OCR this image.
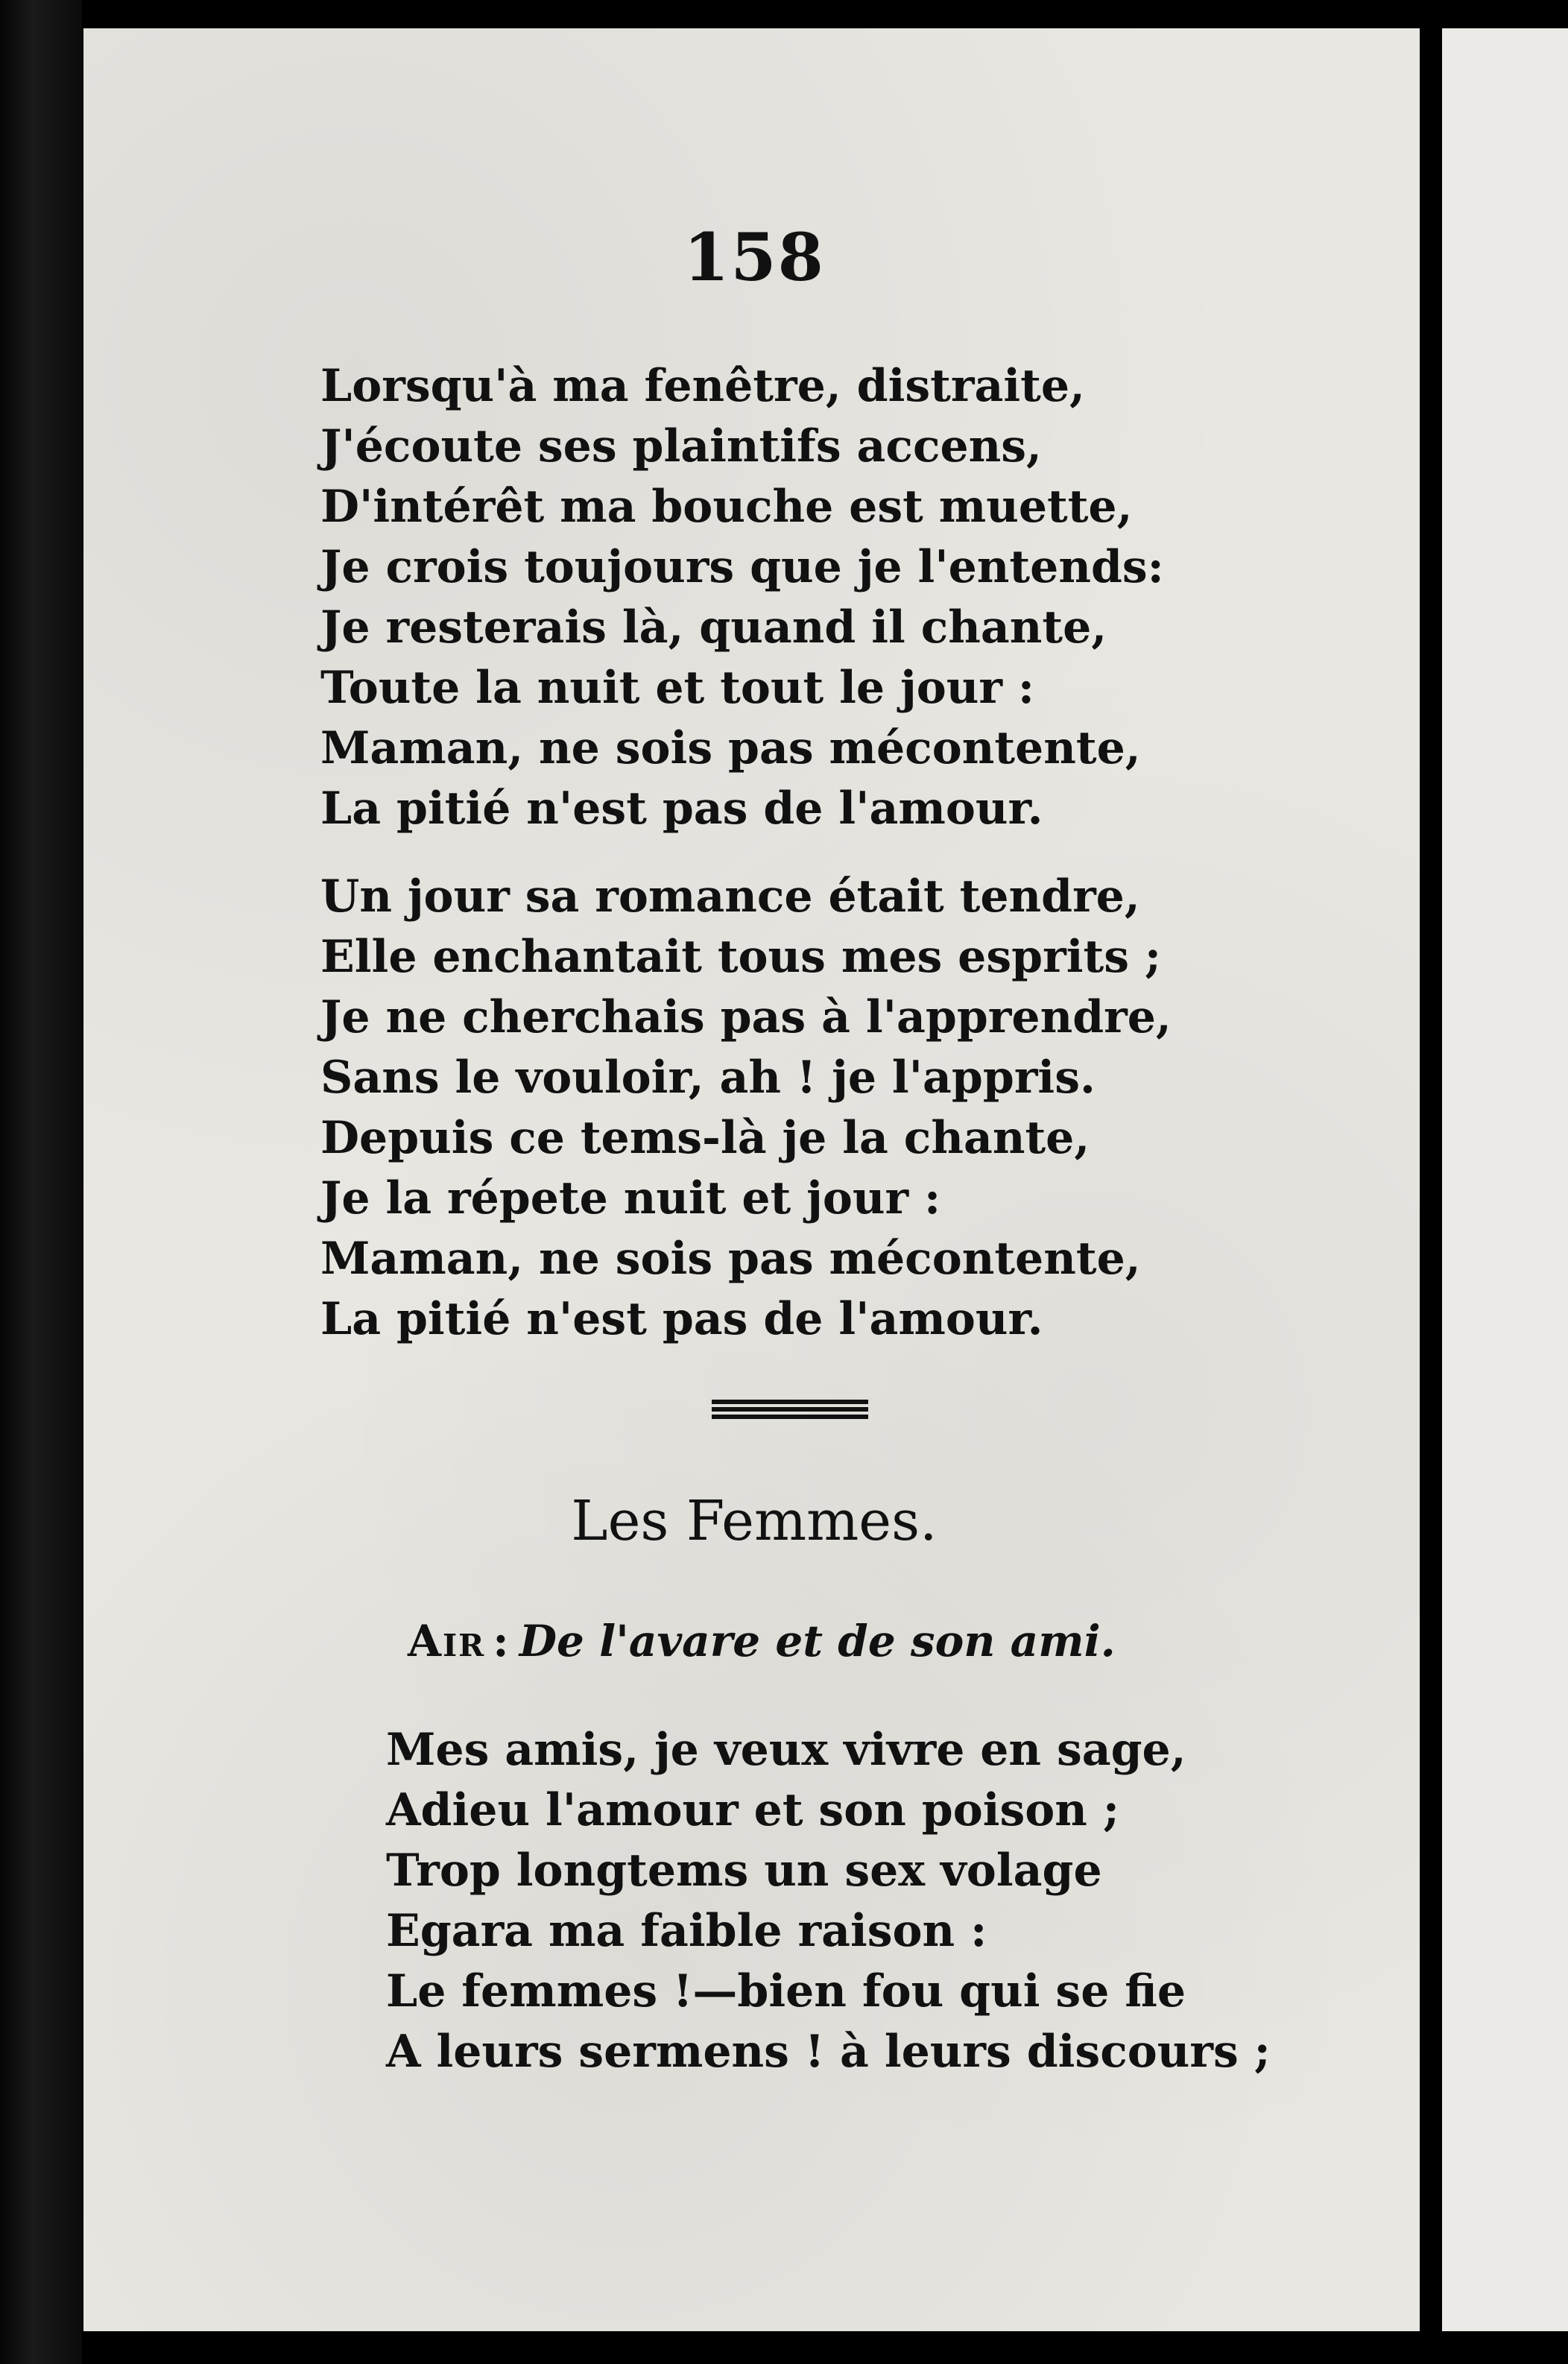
158
Lorsqu'à ma fenêtre, distraite,
J'écoute ses plaintifs accens,
D'intérêt ma bouche est muette,
Je crois toujours que je l'entends:
Je resterais là, quand il chante,
Toute la nuit et tout le jour :
Maman, ne sois pas mécontente,
La pitié n'est pas de l'amour.
Un jour sa romance était tendre,
Elle enchantait tous mes esprits ;
Je ne cherchais pas à l'apprendre,
Sans le vouloir, ah ! je l'appris.
Depuis ce tems-là je la chante,
Je la répete nuit et jour :
Maman, ne sois pas mécontente,
La pitié n'est pas de l'amour.
Les Femmes.
Air : De l'avare et de son ami.
Mes amis, je veux vivre en sage,
Adieu l'amour et son poison ;
Trop longtems un sex volage
Egara ma faible raison :
Le femmes !—bien fou qui se fie
A leurs sermens ! à leurs discours ;
